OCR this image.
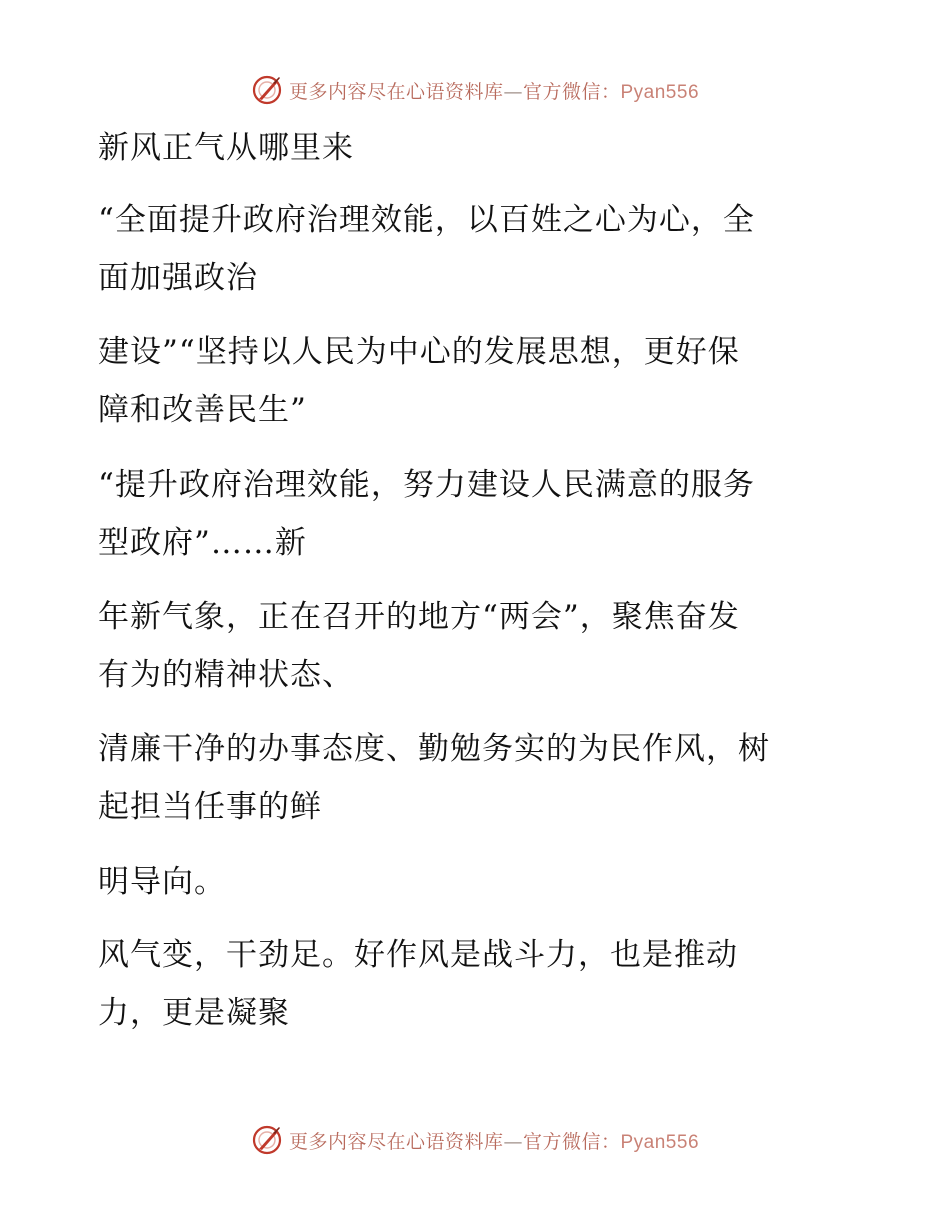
更多内容尽在心语资料库—官方微信：Pyan556
新风正气从哪里来
“全面提升政府治理效能，以百姓之心为心，全
面加强政治
建设”“坚持以人民为中心的发展思想，更好保
障和改善民生”
“提升政府治理效能，努力建设人民满意的服务
型政府”……新
年新气象，正在召开的地方“两会”，聚焦奋发
有为的精神状态、
清廉干净的办事态度、勤勉务实的为民作风，树
起担当任事的鲜
明导向。
风气变，干劲足。好作风是战斗力，也是推动
力，更是凝聚
更多内容尽在心语资料库—官方微信：Pyan556
